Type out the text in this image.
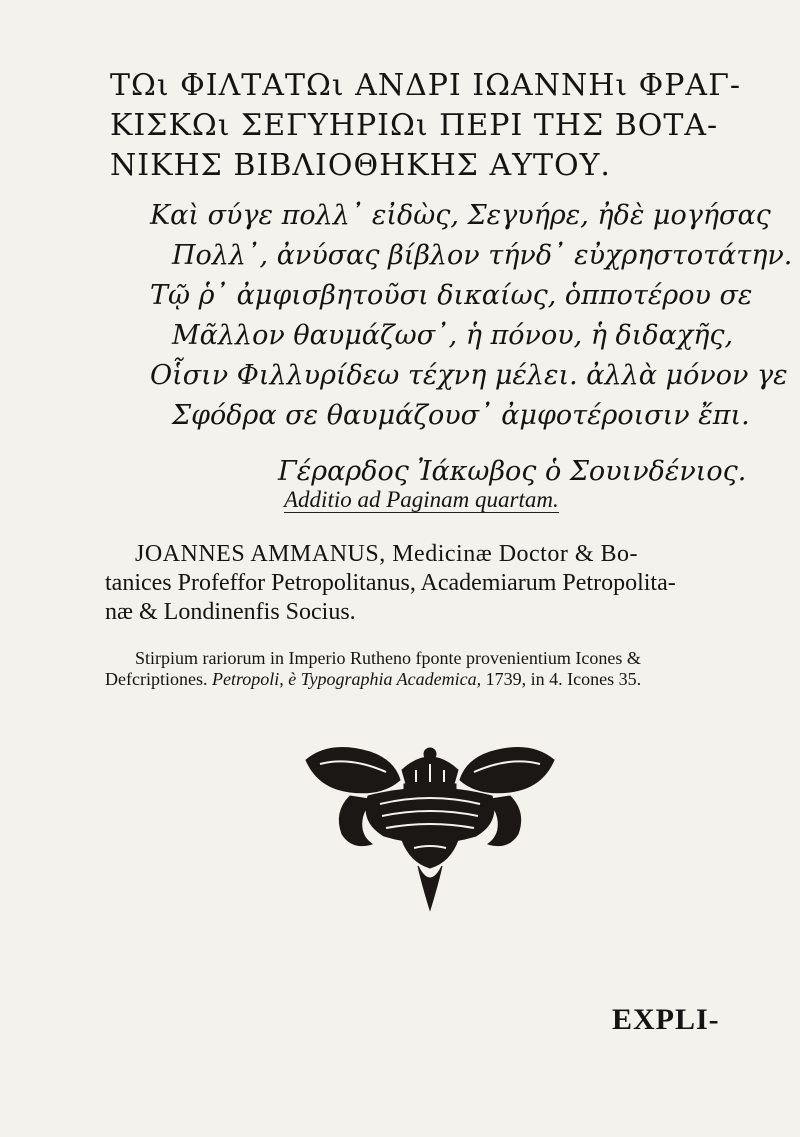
ΤΩι ΦΙΛΤΑΤΩι ΑΝΔΡΙ ΙΩΑΝΝΗι ΦΡΑΓ-
ΚΙΣΚΩι ΣΕΓΥΗΡΙΩι ΠΕΡΙ ΤΗΣ ΒΟΤΑ-
ΝΙΚΗΣ ΒΙΒΛΙΟΘΗΚΗΣ ΑΥΤΟΥ.
Καὶ σύγε πολλ᾽ εἰδὼς, Σεγυήρε, ἠδὲ μογήσας
Πολλ᾽, ἀνύσας βίβλον τήνδ᾽ εὐχρηστοτάτην.
Τῷ ῥ᾽ ἀμφισβητοῦσι δικαίως, ὁπποτέρου σε
Μᾶλλον θαυμάζωσ᾽, ἡ πόνου, ἡ διδαχῆς,
Οἷσιν Φιλλυρίδεω τέχνη μέλει. ἀλλὰ μόνον γε
Σφόδρα σε θαυμάζουσ᾽ ἀμφοτέροισιν ἔπι.
Γέραρδος Ἰάκωβος ὁ Σουινδένιος.
Additio ad Paginam quartam.
JOANNES AMMANUS, Medicinæ Doctor & Bo-
tanices Profeffor Petropolitanus, Academiarum Petropolita-
næ & Londinenfis Socius.
Stirpium rariorum in Imperio Rutheno fponte provenientium Icones &
Defcriptiones. Petropoli, è Typographia Academica, 1739, in 4. Icones 35.
EXPLI-
